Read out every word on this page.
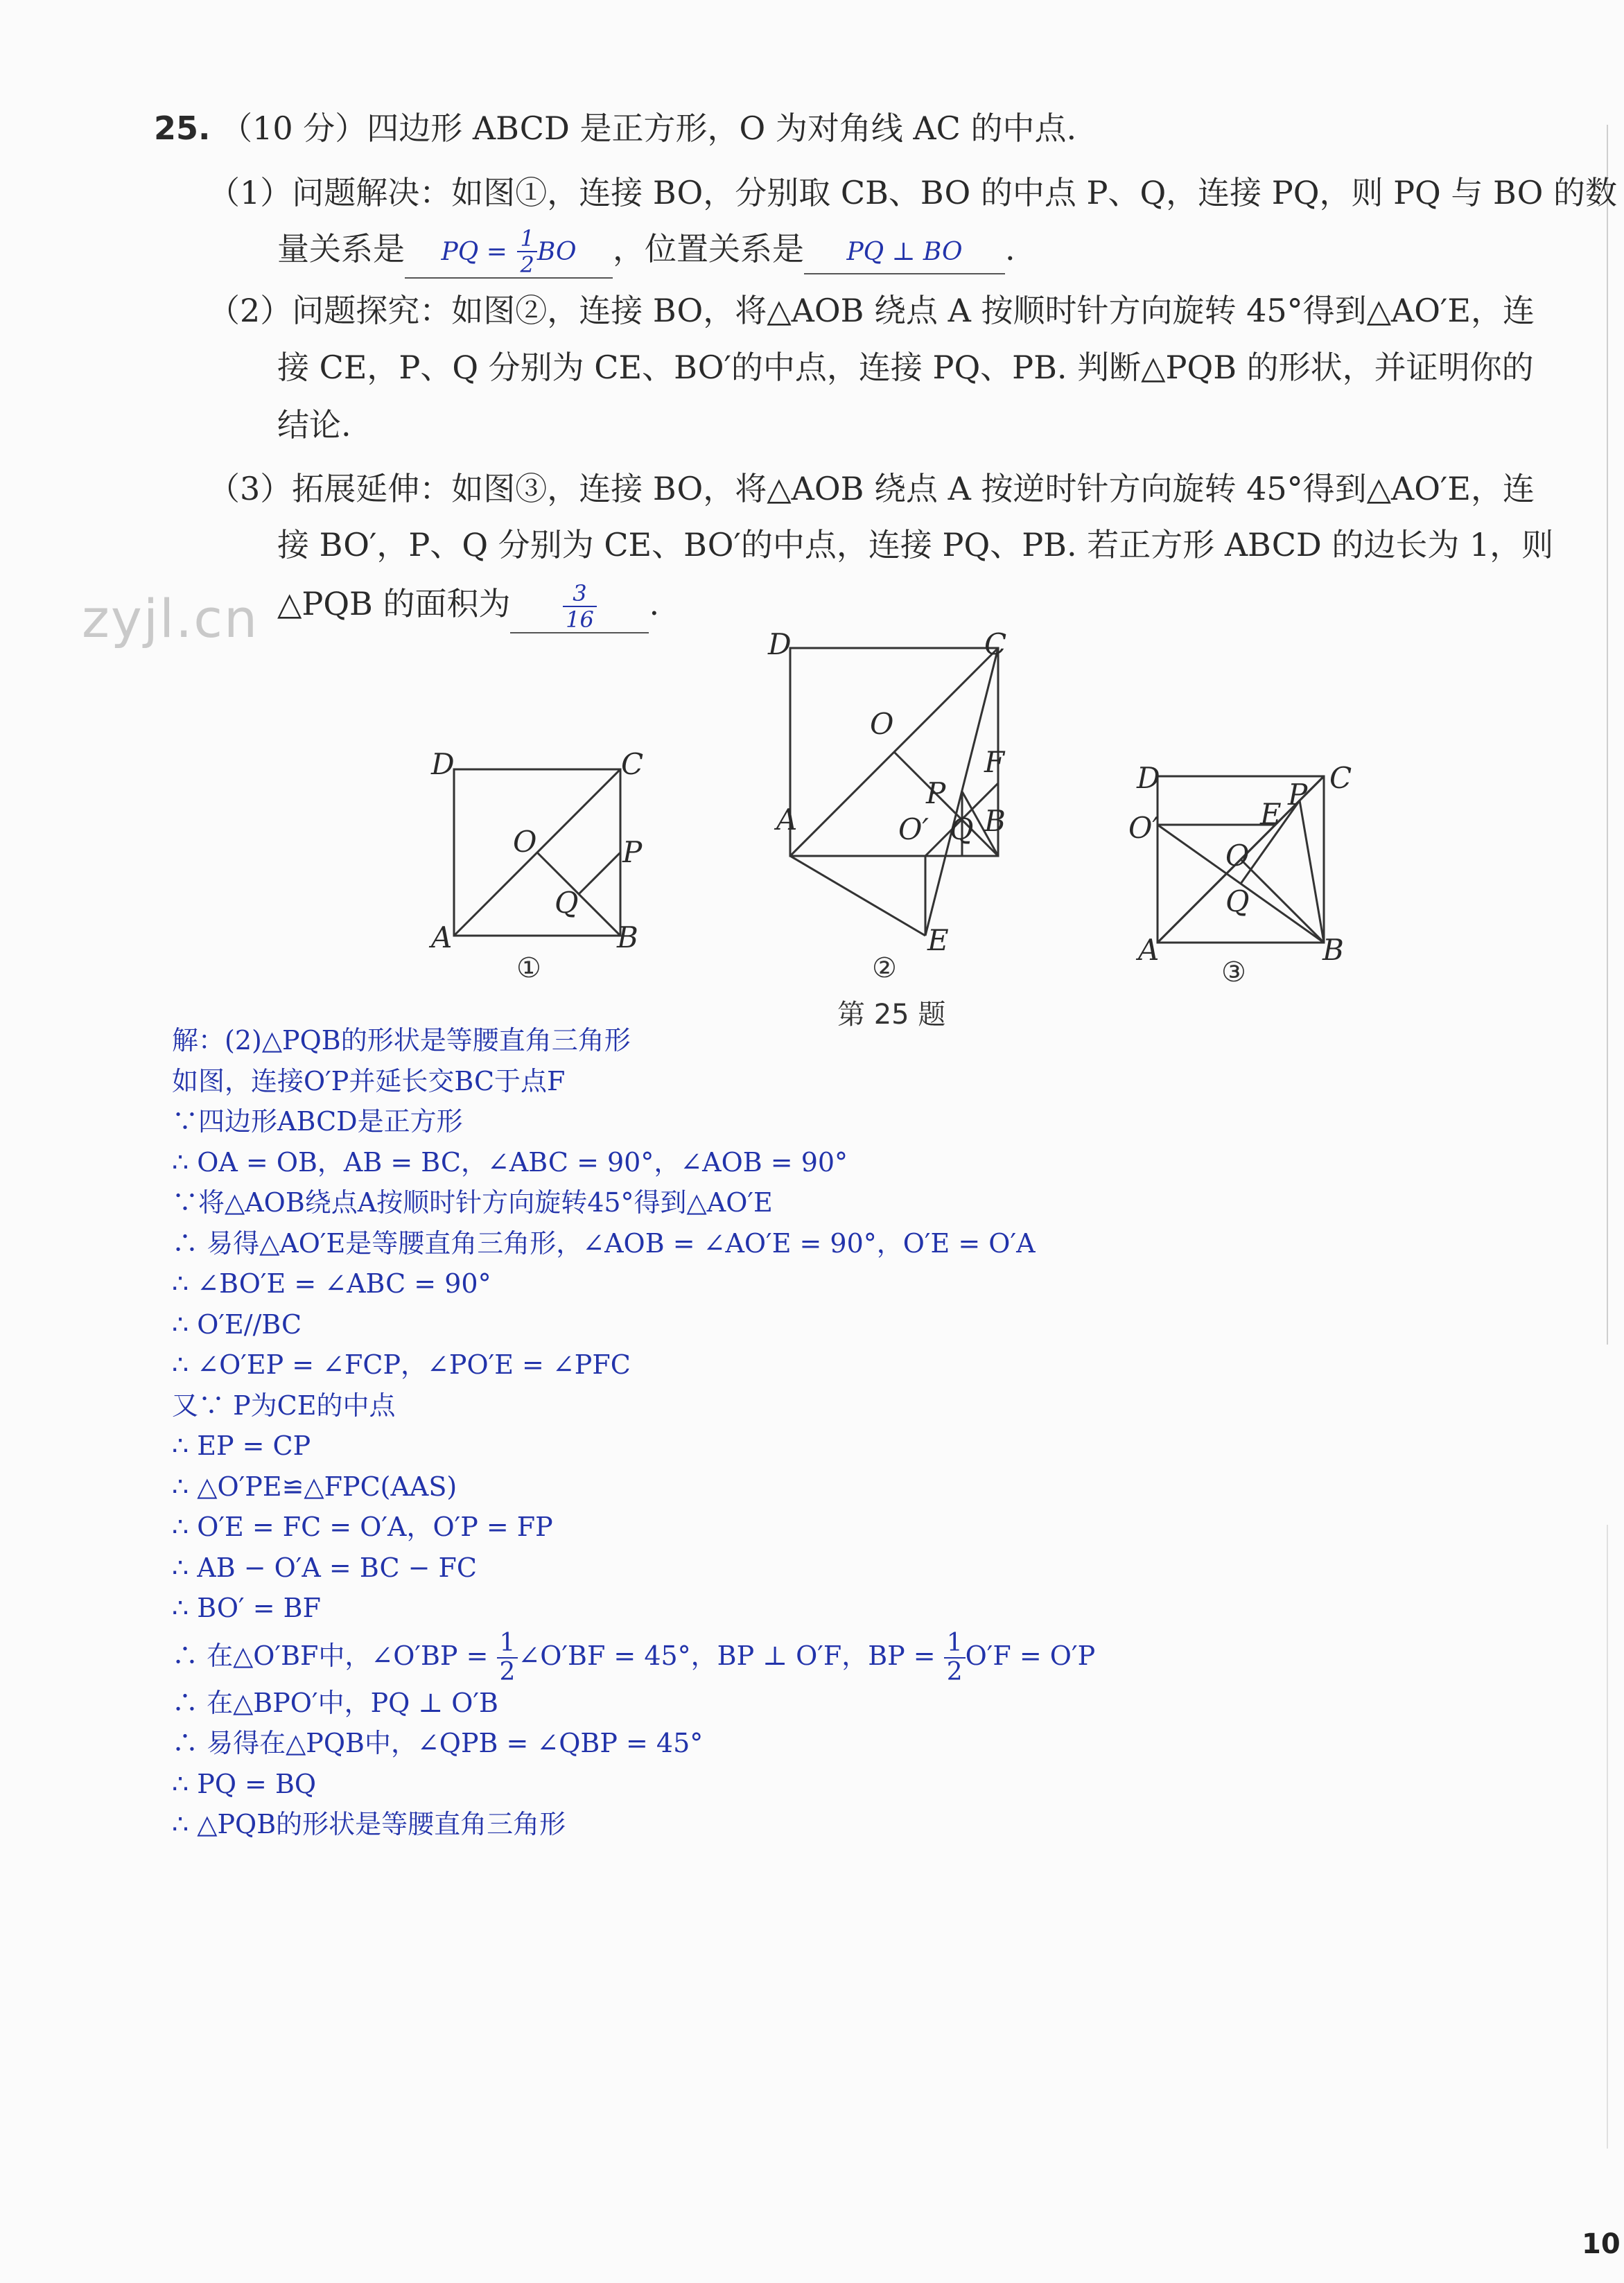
25. （10 分）四边形 ABCD 是正方形，O 为对角线 AC 的中点.
（1）问题解决：如图①，连接 BO，分别取 CB、BO 的中点 P、Q，连接 PQ，则 PQ 与 BO 的数
量关系是 PQ = $\frac{1}{2}$ BO ，位置关系是 PQ ⊥ BO .
（2）问题探究：如图②，连接 BO，将△AOB 绕点 A 按顺时针方向旋转 45°得到△AO′E，连
接 CE，P、Q 分别为 CE、BO′的中点，连接 PQ、PB. 判断△PQB 的形状，并证明你的
结论.
（3）拓展延伸：如图③，连接 BO，将△AOB 绕点 A 按逆时针方向旋转 45°得到△AO′E，连
接 BO′，P、Q 分别为 CE、BO′的中点，连接 PQ、PB. 若正方形 ABCD 的边长为 1，则
△PQB 的面积为 $\frac{3}{16}$ .
zyjl.cn
D	C
A	B
O	P
Q
①
D	C
A	B
O
F
P
O′ Q
E
②
D	C
O′	E
P
O
Q
A	B
③
第 25 题
解：(2)△PQB的形状是等腰直角三角形
如图，连接O′P并延长交BC于点F
∵四边形ABCD是正方形
∴ OA = OB，AB = BC，∠ABC = 90°，∠AOB = 90°
∵将△AOB绕点A按顺时针方向旋转45°得到△AO′E
∴ 易得△AO′E是等腰直角三角形，∠AOB = ∠AO′E = 90°，O′E = O′A
∴ ∠BO′E = ∠ABC = 90°
∴ O′E//BC
∴ ∠O′EP = ∠FCP，∠PO′E = ∠PFC
又∵ P为CE的中点
∴ EP = CP
∴ △O′PE≌△FPC(AAS)
∴ O′E = FC = O′A，O′P = FP
∴ AB − O′A = BC − FC
∴ BO′ = BF
∴ 在△O′BF中，∠O′BP = $\frac{1}{2}$ ∠O′BF = 45°，BP ⊥ O′F，BP = $\frac{1}{2} O'F = O'P$
∴ 在△BPO′中，PQ ⊥ O′B
∴ 易得在△PQB中，∠QPB = ∠QBP = 45°
∴ PQ = BQ
∴ △PQB的形状是等腰直角三角形
10
